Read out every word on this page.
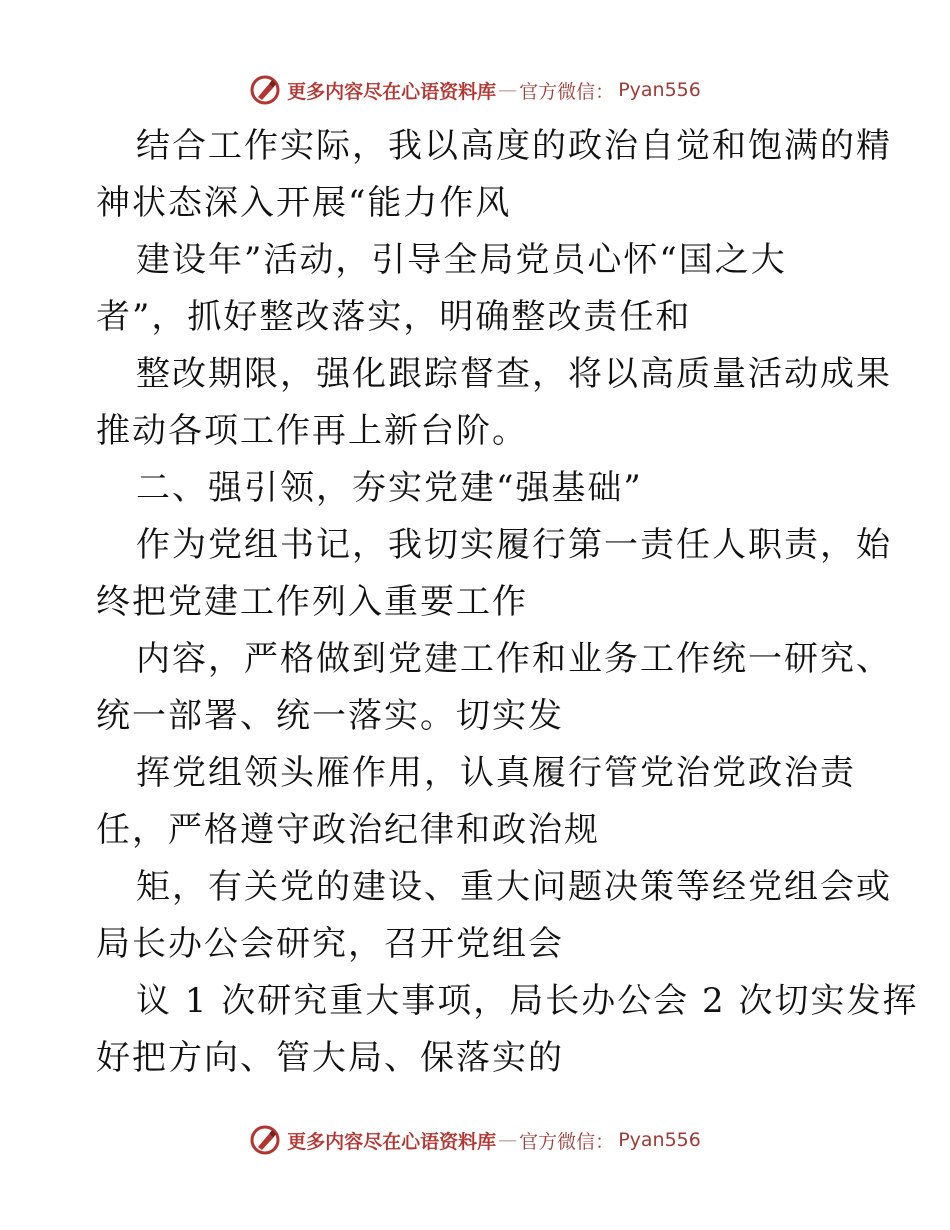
更多内容尽在心语资料库 — 官方微信： Pyan556
结合工作实际，我以高度的政治自觉和饱满的精
神状态深入开展“能力作风
建设年”活动，引导全局党员心怀“国之大
者”，抓好整改落实，明确整改责任和
整改期限，强化跟踪督查，将以高质量活动成果
推动各项工作再上新台阶。
二、强引领，夯实党建“强基础”
作为党组书记，我切实履行第一责任人职责，始
终把党建工作列入重要工作
内容，严格做到党建工作和业务工作统一研究、
统一部署、统一落实。切实发
挥党组领头雁作用，认真履行管党治党政治责
任，严格遵守政治纪律和政治规
矩，有关党的建设、重大问题决策等经党组会或
局长办公会研究，召开党组会
议 1 次研究重大事项，局长办公会 2 次切实发挥
好把方向、管大局、保落实的
更多内容尽在心语资料库 — 官方微信： Pyan556
